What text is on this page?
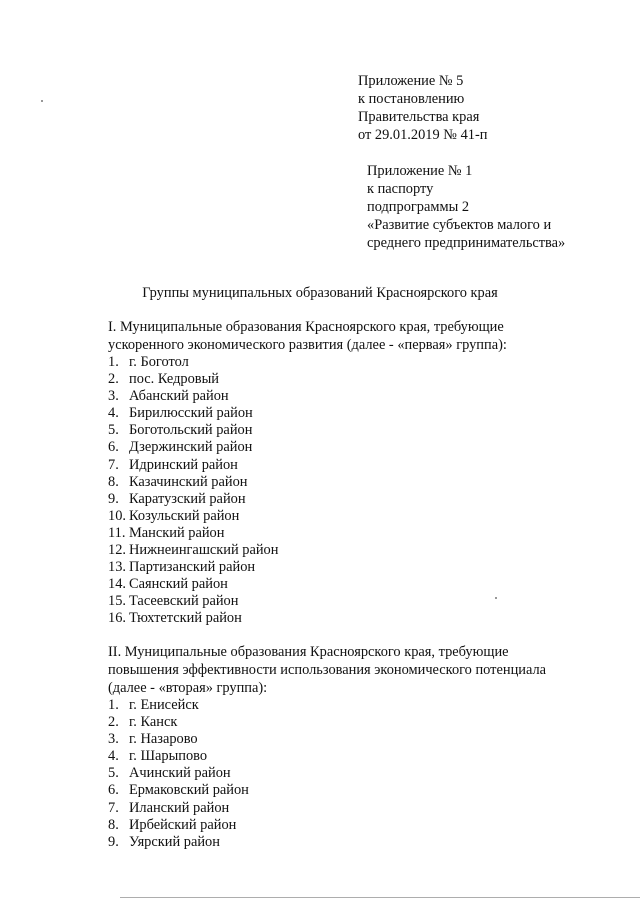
Приложение № 5
к постановлению
Правительства края
от 29.01.2019 № 41-п
Приложение № 1
к паспорту
подпрограммы 2
«Развитие субъектов малого и
среднего предпринимательства»
Группы муниципальных образований Красноярского края
I. Муниципальные образования Красноярского края, требующие
ускоренного экономического развития (далее - «первая» группа):
1. г. Боготол
2. пос. Кедровый
3. Абанский район
4. Бирилюсский район
5. Боготольский район
6. Дзержинский район
7. Идринский район
8. Казачинский район
9. Каратузский район
10. Козульский район
11. Манский район
12. Нижнеингашский район
13. Партизанский район
14. Саянский район
15. Тасеевский район
16. Тюхтетский район
II. Муниципальные образования Красноярского края, требующие
повышения эффективности использования экономического потенциала
(далее - «вторая» группа):
1. г. Енисейск
2. г. Канск
3. г. Назарово
4. г. Шарыпово
5. Ачинский район
6. Ермаковский район
7. Иланский район
8. Ирбейский район
9. Уярский район
